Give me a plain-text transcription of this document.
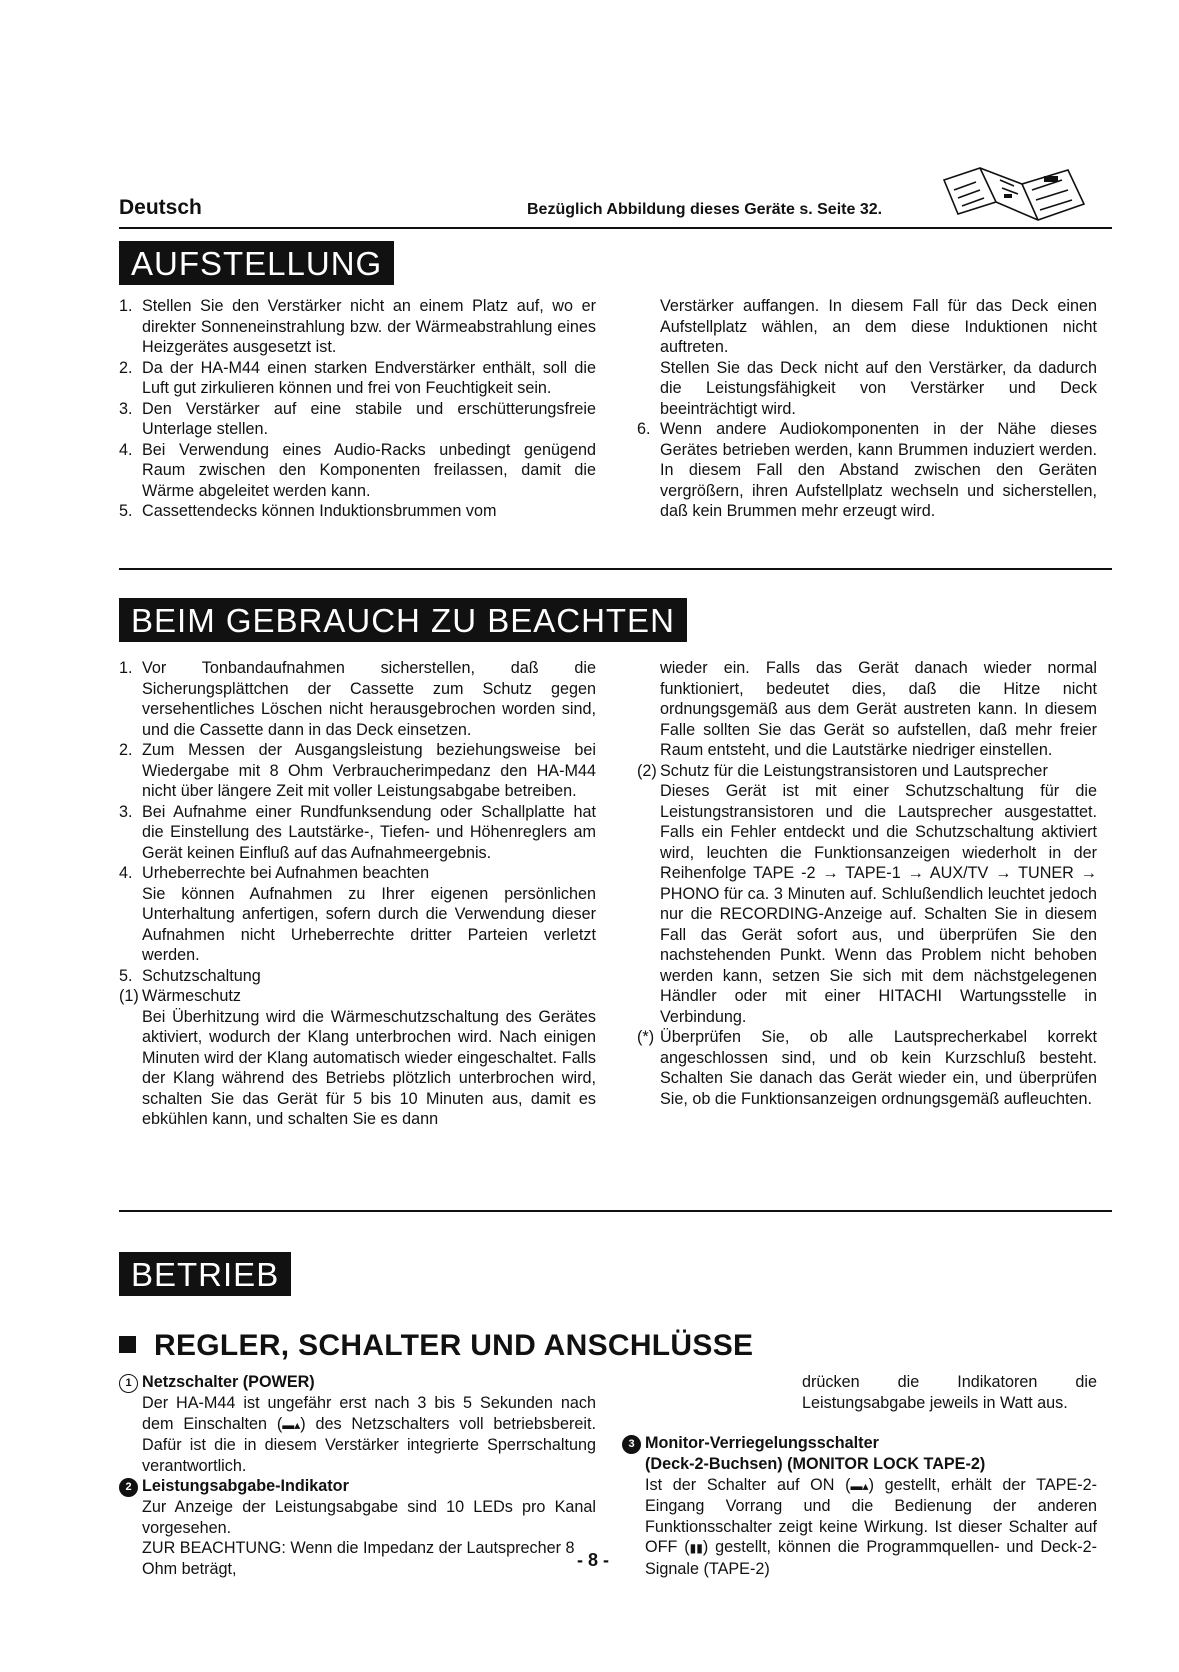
Deutsch	Bezüglich Abbildung dieses Geräte s. Seite 32.
AUFSTELLUNG
1. Stellen Sie den Verstärker nicht an einem Platz auf, wo er direkter Sonneneinstrahlung bzw. der Wärmeabstrahlung eines Heizgerätes ausgesetzt ist.
2. Da der HA-M44 einen starken Endverstärker enthält, soll die Luft gut zirkulieren können und frei von Feuchtigkeit sein.
3. Den Verstärker auf eine stabile und erschütterungsfreie Unterlage stellen.
4. Bei Verwendung eines Audio-Racks unbedingt genügend Raum zwischen den Komponenten freilassen, damit die Wärme abgeleitet werden kann.
5. Cassettendecks können Induktionsbrummen vom

Verstärker auffangen. In diesem Fall für das Deck einen Aufstellplatz wählen, an dem diese Induktionen nicht auftreten.

Stellen Sie das Deck nicht auf den Verstärker, da dadurch die Leistungsfähigkeit von Verstärker und Deck beeinträchtigt wird.

6. Wenn andere Audiokomponenten in der Nähe dieses Gerätes betrieben werden, kann Brummen induziert werden. In diesem Fall den Abstand zwischen den Geräten vergrößern, ihren Aufstellplatz wechseln und sicherstellen, daß kein Brummen mehr erzeugt wird.
BEIM GEBRAUCH ZU BEACHTEN
1. Vor Tonbandaufnahmen sicherstellen, daß die Sicherungsplättchen der Cassette zum Schutz gegen versehentliches Löschen nicht herausgebrochen worden sind, und die Cassette dann in das Deck einsetzen.
2. Zum Messen der Ausgangsleistung beziehungsweise bei Wiedergabe mit 8 Ohm Verbraucherimpedanz den HA-M44 nicht über längere Zeit mit voller Leistungsabgabe betreiben.
3. Bei Aufnahme einer Rundfunksendung oder Schallplatte hat die Einstellung des Lautstärke-, Tiefen- und Höhenreglers am Gerät keinen Einfluß auf das Aufnahmeergebnis.
4. Urheberrechte bei Aufnahmen beachten

Sie können Aufnahmen zu Ihrer eigenen persönlichen Unterhaltung anfertigen, sofern durch die Verwendung dieser Aufnahmen nicht Urheberrechte dritter Parteien verletzt werden.

5. Schutzschaltung
(1) Wärmeschutz

Bei Überhitzung wird die Wärmeschutzschaltung des Gerätes aktiviert, wodurch der Klang unterbrochen wird. Nach einigen Minuten wird der Klang automatisch wieder eingeschaltet. Falls der Klang während des Betriebs plötzlich unterbrochen wird, schalten Sie das Gerät für 5 bis 10 Minuten aus, damit es ebkühlen kann, und schalten Sie es dann

wieder ein. Falls das Gerät danach wieder normal funktioniert, bedeutet dies, daß die Hitze nicht ordnungsgemäß aus dem Gerät austreten kann. In diesem Falle sollten Sie das Gerät so aufstellen, daß mehr freier Raum entsteht, und die Lautstärke niedriger einstellen.

(2) Schutz für die Leistungstransistoren und Lautsprecher

Dieses Gerät ist mit einer Schutzschaltung für die Leistungstransistoren und die Lautsprecher ausgestattet. Falls ein Fehler entdeckt und die Schutzschaltung aktiviert wird, leuchten die Funktionsanzeigen wiederholt in der Reihenfolge TAPE -2 → TAPE-1 → AUX/TV → TUNER → PHONO für ca. 3 Minuten auf. Schlußendlich leuchtet jedoch nur die RECORDING-Anzeige auf. Schalten Sie in diesem Fall das Gerät sofort aus, und überprüfen Sie den nachstehenden Punkt. Wenn das Problem nicht behoben werden kann, setzen Sie sich mit dem nächstgelegenen Händler oder mit einer HITACHI Wartungsstelle in Verbindung.

(*) Überprüfen Sie, ob alle Lautsprecherkabel korrekt angeschlossen sind, und ob kein Kurzschluß besteht. Schalten Sie danach das Gerät wieder ein, und überprüfen Sie, ob die Funktionsanzeigen ordnungsgemäß aufleuchten.
BETRIEB
REGLER, SCHALTER UND ANSCHLÜSSE

1 Netzschalter (POWER)

Der HA-M44 ist ungefähr erst nach 3 bis 5 Sekunden nach dem Einschalten (▬▴) des Netzschalters voll betriebsbereit. Dafür ist die in diesem Verstärker integrierte Sperrschaltung verantwortlich.

2 Leistungsabgabe-Indikator

Zur Anzeige der Leistungsabgabe sind 10 LEDs pro Kanal vorgesehen.

ZUR BEACHTUNG: Wenn die Impedanz der Lautsprecher 8 Ohm beträgt,

drücken die Indikatoren die Leistungsabgabe jeweils in Watt aus.

3 Monitor-Verriegelungsschalter

(Deck-2-Buchsen) (MONITOR LOCK TAPE-2)

Ist der Schalter auf ON (▬▴) gestellt, erhält der TAPE-2-Eingang Vorrang und die Bedienung der anderen Funktionsschalter zeigt keine Wirkung. Ist dieser Schalter auf OFF (▮▮) gestellt, können die Programmquellen- und Deck-2-Signale (TAPE-2)

- 8 -
